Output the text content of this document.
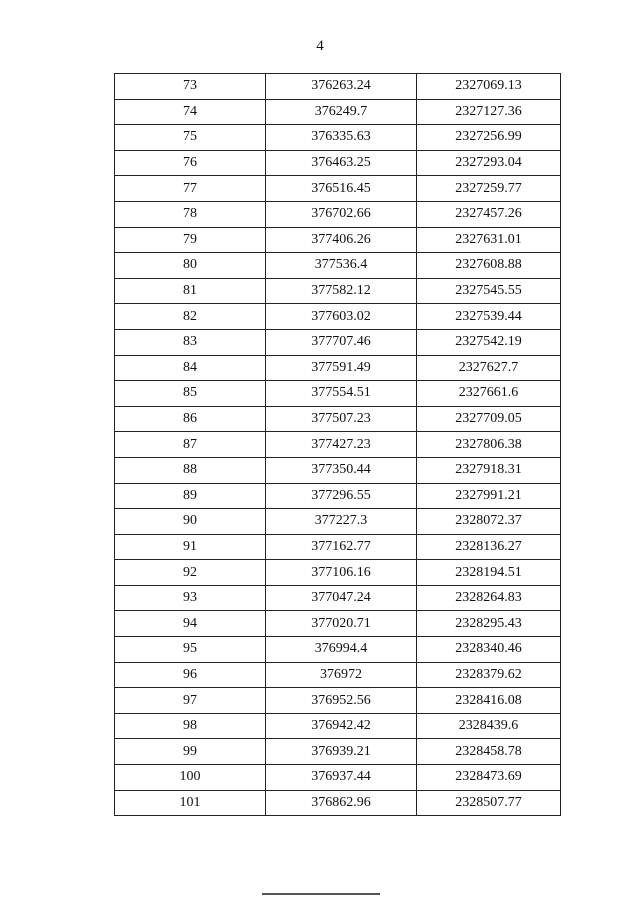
4
73	376263.24	2327069.13
74	376249.7	2327127.36
75	376335.63	2327256.99
76	376463.25	2327293.04
77	376516.45	2327259.77
78	376702.66	2327457.26
79	377406.26	2327631.01
80	377536.4	2327608.88
81	377582.12	2327545.55
82	377603.02	2327539.44
83	377707.46	2327542.19
84	377591.49	2327627.7
85	377554.51	2327661.6
86	377507.23	2327709.05
87	377427.23	2327806.38
88	377350.44	2327918.31
89	377296.55	2327991.21
90	377227.3	2328072.37
91	377162.77	2328136.27
92	377106.16	2328194.51
93	377047.24	2328264.83
94	377020.71	2328295.43
95	376994.4	2328340.46
96	376972	2328379.62
97	376952.56	2328416.08
98	376942.42	2328439.6
99	376939.21	2328458.78
100	376937.44	2328473.69
101	376862.96	2328507.77
